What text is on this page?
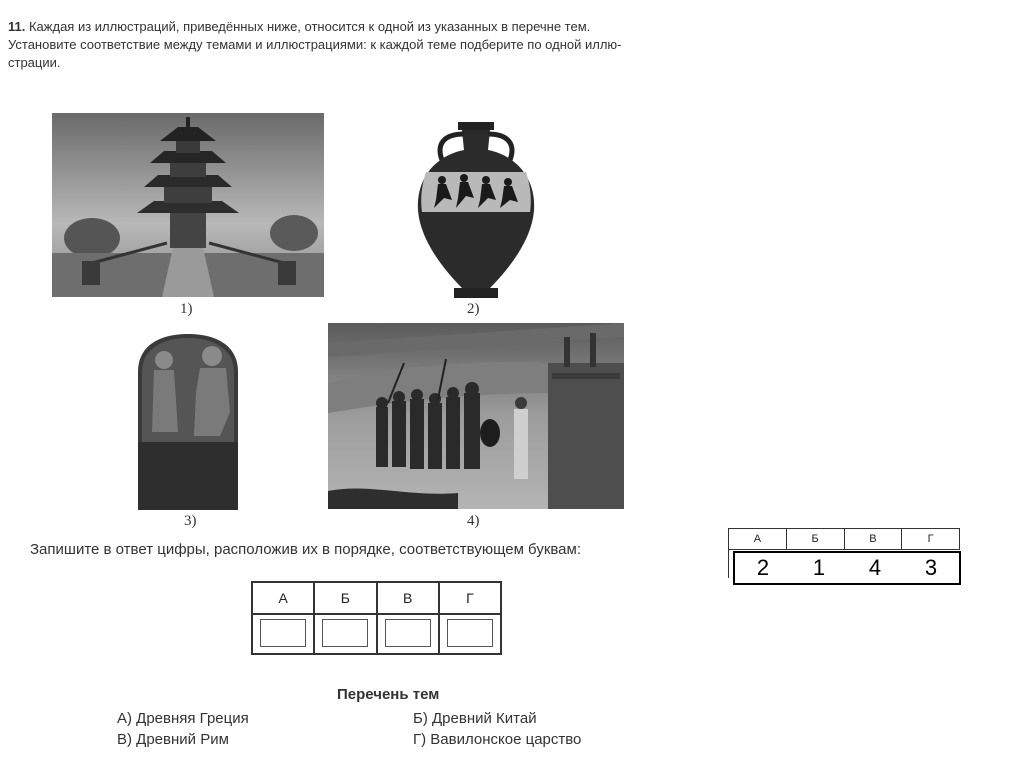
11. Каждая из иллюстраций, приведённых ниже, относится к одной из указанных в перечне тем.
Установите соответствие между темами и иллюстрациями: к каждой теме подберите по одной иллю-
страции.
1)	2)
3)	4)
Запишите в ответ цифры, расположив их в порядке, соответствующем буквам:
А	Б	В	Г

Перечень тем
А) Древняя Греция	Б) Древний Китай
В) Древний Рим	Г) Вавилонское царство
А	Б	В	Г
2	1	4	3
